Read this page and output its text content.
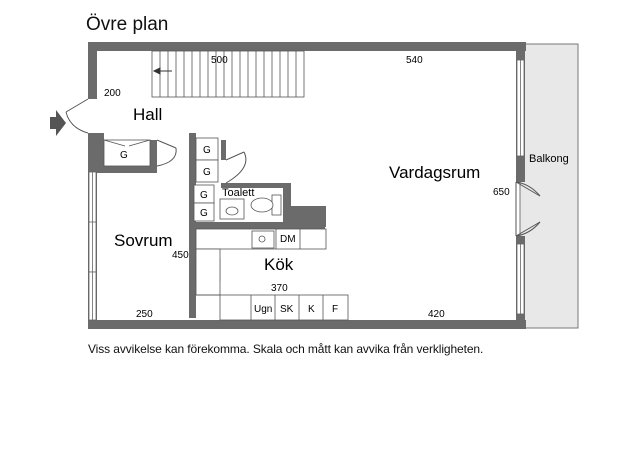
Övre plan
Hall
Vardagsrum
Sovrum
Kök
Toalett
Balkong
500	540
200
650
450
370
250	420
G	G
G
G
G
DM
Ugn SK K F
Viss avvikelse kan förekomma. Skala och mått kan avvika från verkligheten.
